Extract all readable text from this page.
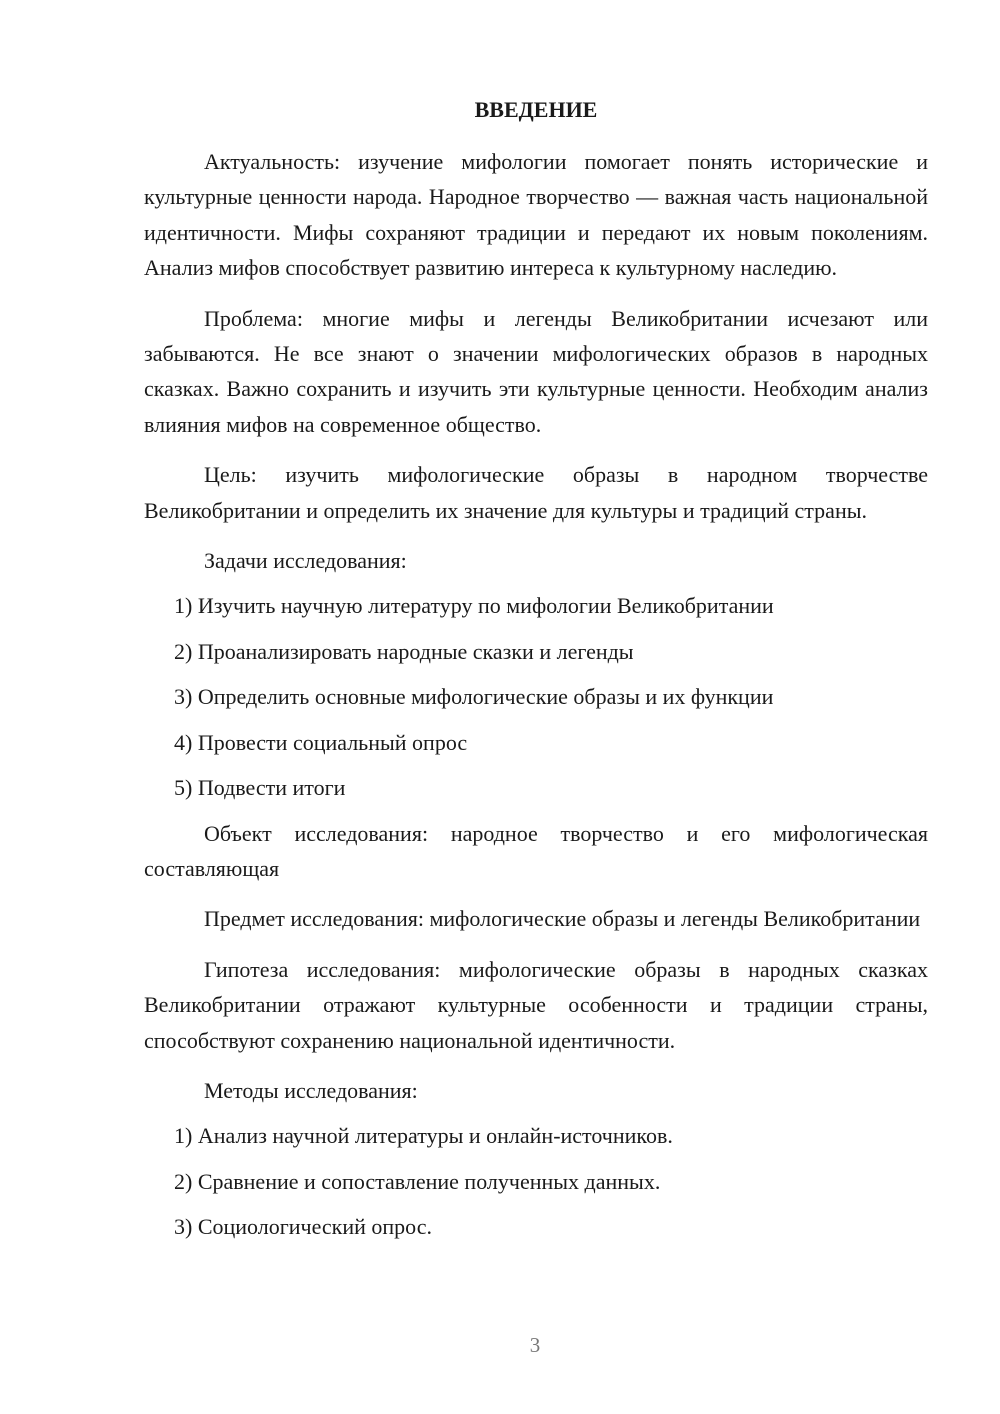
ВВЕДЕНИЕ

Актуальность: изучение мифологии помогает понять исторические и культурные ценности народа. Народное творчество — важная часть национальной идентичности. Мифы сохраняют традиции и передают их новым поколениям. Анализ мифов способствует развитию интереса к культурному наследию.

Проблема: многие мифы и легенды Великобритании исчезают или забываются. Не все знают о значении мифологических образов в народных сказках. Важно сохранить и изучить эти культурные ценности. Необходим анализ влияния мифов на современное общество.

Цель: изучить мифологические образы в народном творчестве Великобритании и определить их значение для культуры и традиций страны.

Задачи исследования:

1) Изучить научную литературу по мифологии Великобритании

2) Проанализировать народные сказки и легенды

3) Определить основные мифологические образы и их функции

4) Провести социальный опрос

5) Подвести итоги

Объект исследования: народное творчество и его мифологическая составляющая

Предмет исследования: мифологические образы и легенды Великобритании

Гипотеза исследования: мифологические образы в народных сказках Великобритании отражают культурные особенности и традиции страны, способствуют сохранению национальной идентичности.

Методы исследования:

1) Анализ научной литературы и онлайн-источников.

2) Сравнение и сопоставление полученных данных.

3) Социологический опрос.

3
